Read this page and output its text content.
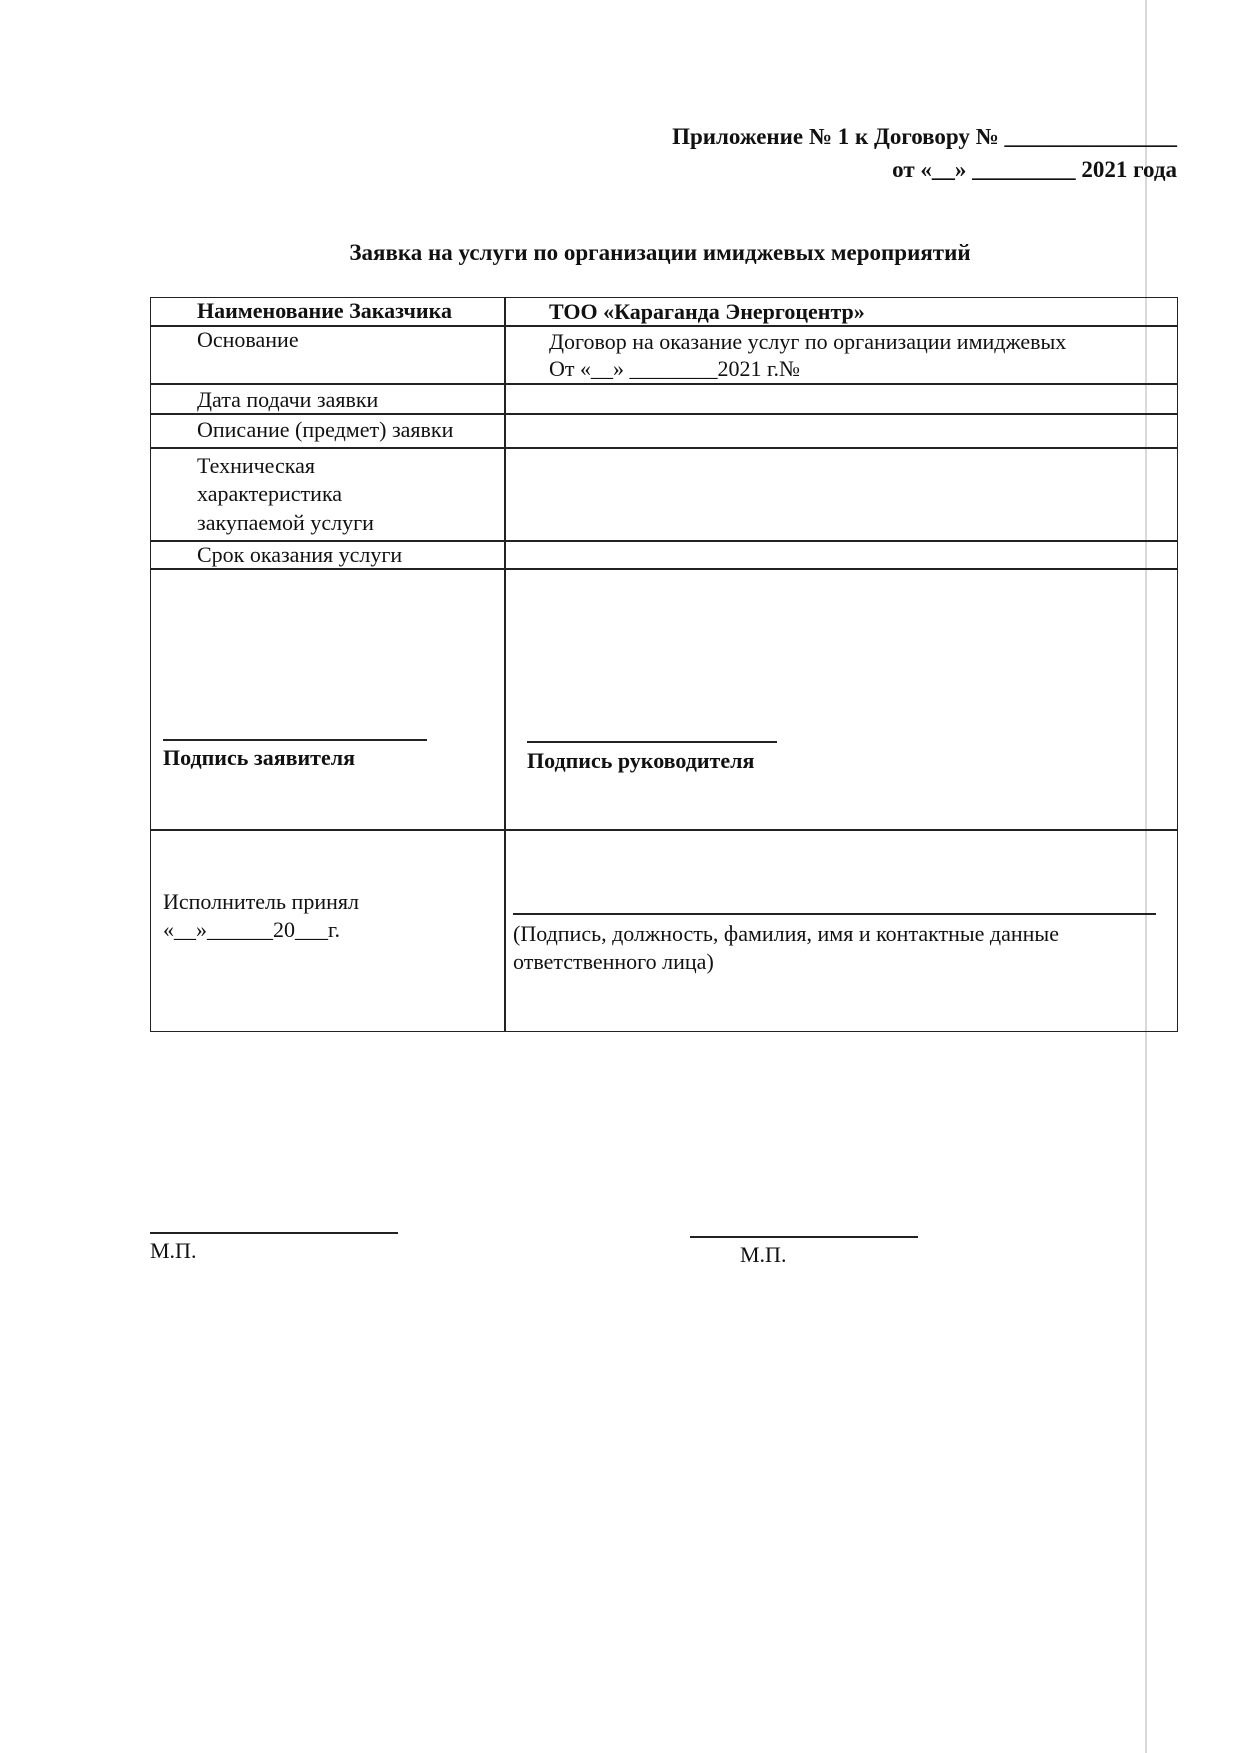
Приложение № 1 к Договору № _______________
от «__» _________ 2021 года
Заявка на услуги по организации имиджевых мероприятий
Наименование Заказчика	ТОО «Караганда Энергоцентр»
Основание	Договор на оказание услуг по организации имиджевых
От «__» ________2021 г.№
Дата подачи заявки
Описание (предмет) заявки
Техническая
характеристика
закупаемой услуги
Срок оказания услуги
Подпись заявителя	Подпись руководителя
Исполнитель принял
«__»______20___г.	(Подпись, должность, фамилия, имя и контактные данные
ответственного лица)
М.П.	М.П.
